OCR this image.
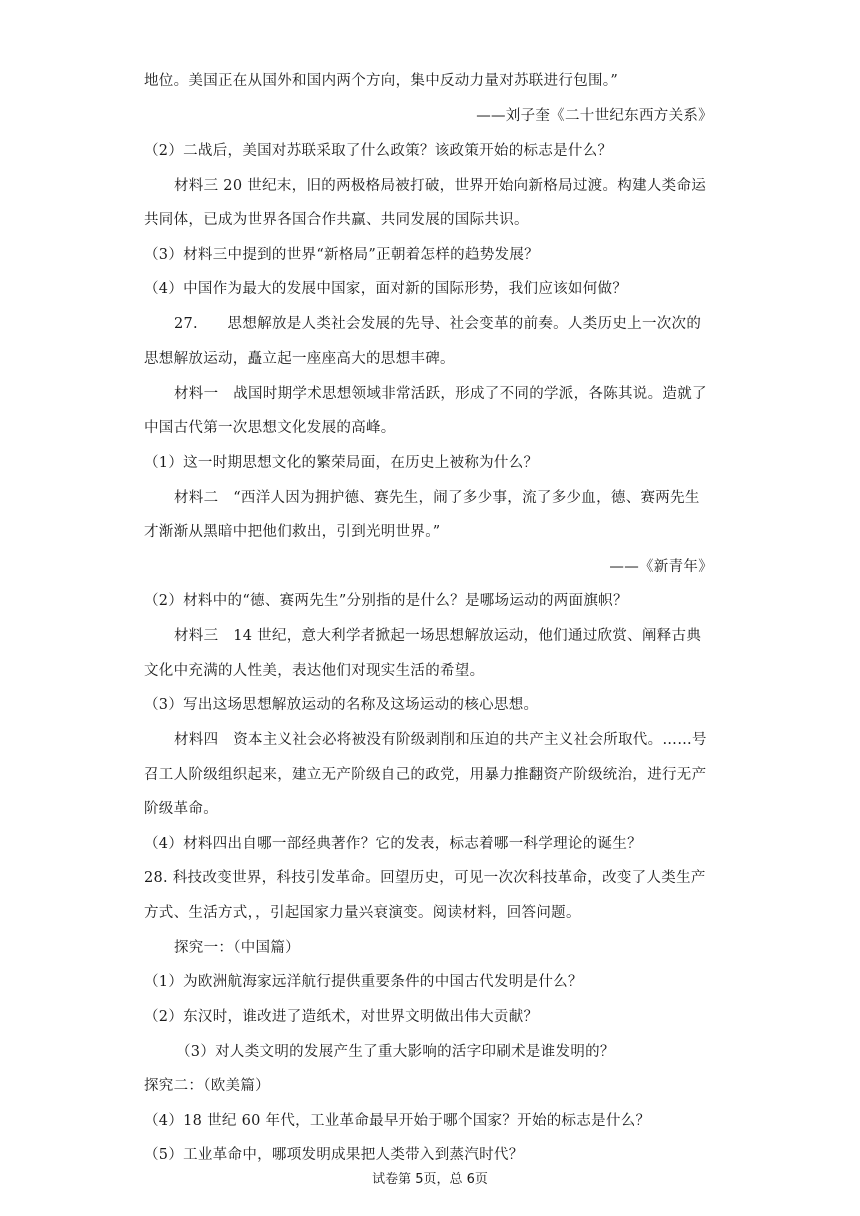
地位。美国正在从国外和国内两个方向，集中反动力量对苏联进行包围。”
——刘子奎《二十世纪东西方关系》
（2）二战后，美国对苏联采取了什么政策？该政策开始的标志是什么？
材料三 20 世纪末，旧的两极格局被打破，世界开始向新格局过渡。构建人类命运
共同体，已成为世界各国合作共赢、共同发展的国际共识。
（3）材料三中提到的世界“新格局”正朝着怎样的趋势发展？
（4）中国作为最大的发展中国家，面对新的国际形势，我们应该如何做？
27.　　思想解放是人类社会发展的先导、社会变革的前奏。人类历史上一次次的
思想解放运动，矗立起一座座高大的思想丰碑。
材料一　战国时期学术思想领域非常活跃，形成了不同的学派，各陈其说。造就了
中国古代第一次思想文化发展的高峰。
（1）这一时期思想文化的繁荣局面，在历史上被称为什么？
材料二　“西洋人因为拥护德、赛先生，闹了多少事，流了多少血，德、赛两先生
才渐渐从黑暗中把他们救出，引到光明世界。”
——《新青年》
（2）材料中的“德、赛两先生”分别指的是什么？是哪场运动的两面旗帜？
材料三　14 世纪，意大利学者掀起一场思想解放运动，他们通过欣赏、阐释古典
文化中充满的人性美，表达他们对现实生活的希望。
（3）写出这场思想解放运动的名称及这场运动的核心思想。
材料四　资本主义社会必将被没有阶级剥削和压迫的共产主义社会所取代。……号
召工人阶级组织起来，建立无产阶级自己的政党，用暴力推翻资产阶级统治，进行无产
阶级革命。
（4）材料四出自哪一部经典著作？它的发表，标志着哪一科学理论的诞生？
28. 科技改变世界，科技引发革命。回望历史，可见一次次科技革命，改变了人类生产
方式、生活方式，，引起国家力量兴衰演变。阅读材料，回答问题。
探究一：（中国篇）
（1）为欧洲航海家远洋航行提供重要条件的中国古代发明是什么？
（2）东汉时，谁改进了造纸术，对世界文明做出伟大贡献？
（3）对人类文明的发展产生了重大影响的活字印刷术是谁发明的？
探究二：（欧美篇）
（4）18 世纪 60 年代，工业革命最早开始于哪个国家？开始的标志是什么？
（5）工业革命中，哪项发明成果把人类带入到蒸汽时代？
试卷第 5页，总 6页
